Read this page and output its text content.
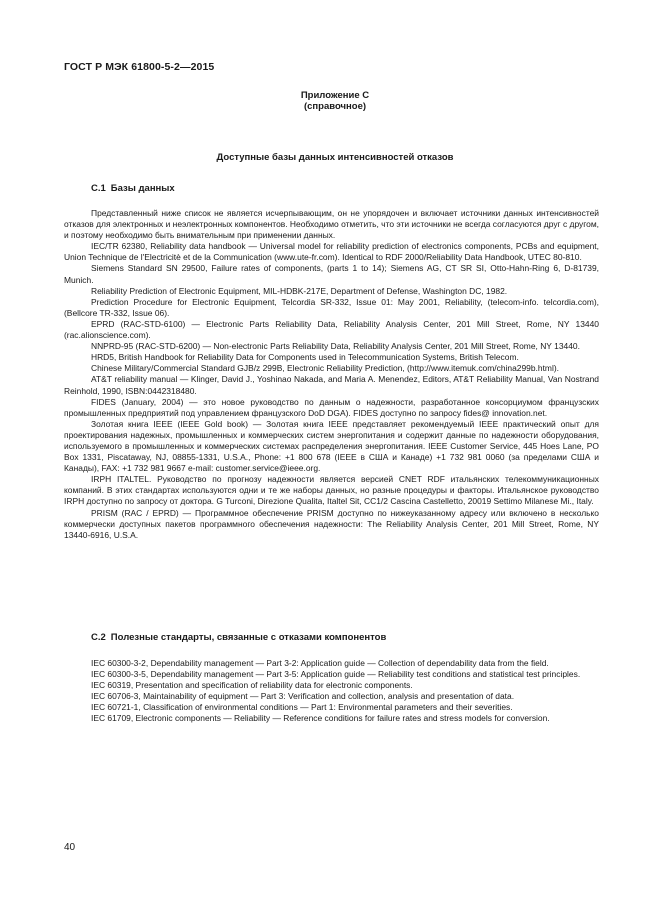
ГОСТ Р МЭК 61800-5-2—2015
Приложение С
(справочное)
Доступные базы данных интенсивностей отказов
С.1 Базы данных

Представленный ниже список не является исчерпывающим, он не упорядочен и включает источники данных интенсивностей отказов для электронных и неэлектронных компонентов. Необходимо отметить, что эти источники не всегда согласуются друг с другом, и поэтому необходимо быть внимательным при применении данных.

IEC/TR 62380, Reliability data handbook — Universal model for reliability prediction of electronics components, PCBs and equipment, Union Technique de l'Electricitè et de la Communication (www.ute-fr.com). Identical to RDF 2000/Reliability Data Handbook, UTEC 80-810.

Siemens Standard SN 29500, Failure rates of components, (parts 1 to 14); Siemens AG, CT SR SI, Otto-Hahn-Ring 6, D-81739, Munich.

Reliability Prediction of Electronic Equipment, MIL-HDBK-217E, Department of Defense, Washington DC, 1982.

Prediction Procedure for Electronic Equipment, Telcordia SR-332, Issue 01: May 2001, Reliability, (telecom-info. telcordia.com), (Bellcore TR-332, Issue 06).

EPRD (RAC-STD-6100) — Electronic Parts Reliability Data, Reliability Analysis Center, 201 Mill Street, Rome, NY 13440 (rac.alionscience.com).

NNPRD-95 (RAC-STD-6200) — Non-electronic Parts Reliability Data, Reliability Analysis Center, 201 Mill Street, Rome, NY 13440.

HRD5, British Handbook for Reliability Data for Components used in Telecommunication Systems, British Telecom.

Chinese Military/Commercial Standard GJB/z 299B, Electronic Reliability Prediction, (http://www.itemuk.com/china299b.html).

AT&T reliability manual — Klinger, David J., Yoshinao Nakada, and Maria A. Menendez, Editors, AT&T Reliability Manual, Van Nostrand Reinhold, 1990, ISBN:0442318480.

FIDES (January, 2004) — это новое руководство по данным о надежности, разработанное консорциумом французских промышленных предприятий под управлением французского DoD DGA). FIDES доступно по запросу fides@ innovation.net.

Золотая книга IEEE (IEEE Gold book) — Золотая книга IEEE представляет рекомендуемый IEEE практический опыт для проектирования надежных, промышленных и коммерческих систем энергопитания и содержит данные по надежности оборудования, используемого в промышленных и коммерческих системах распределения энергопитания. IEEE Customer Service, 445 Hoes Lane, PO Box 1331, Piscataway, NJ, 08855-1331, U.S.A., Phone: +1 800 678 (IEEE в США и Канаде) +1 732 981 0060 (за пределами США и Канады), FAX: +1 732 981 9667 e-mail: customer.service@ieee.org.

IRPH ITALTEL. Руководство по прогнозу надежности является версией CNET RDF итальянских телекоммуникационных компаний. В этих стандартах используются одни и те же наборы данных, но разные процедуры и факторы. Итальянское руководство IRPH доступно по запросу от доктора. G Turconi, Direzione Qualita, Italtel Sit, CC1/2 Cascina Castelletto, 20019 Settimo Milanese Mi., Italy.

PRISM (RAC / EPRD) — Программное обеспечение PRISM доступно по нижеуказанному адресу или включено в несколько коммерчески доступных пакетов программного обеспечения надежности: The Reliability Analysis Center, 201 Mill Street, Rome, NY 13440-6916, U.S.A.

С.2 Полезные стандарты, связанные с отказами компонентов

IEC 60300-3-2, Dependability management — Part 3-2: Application guide — Collection of dependability data from the field.

IEC 60300-3-5, Dependability management — Part 3-5: Application guide — Reliability test conditions and statistical test principles.

IEC 60319, Presentation and specification of reliability data for electronic components.

IEC 60706-3, Maintainability of equipment — Part 3: Verification and collection, analysis and presentation of data.

IEC 60721-1, Classification of environmental conditions — Part 1: Environmental parameters and their severities.

IEC 61709, Electronic components — Reliability — Reference conditions for failure rates and stress models for conversion.

40
